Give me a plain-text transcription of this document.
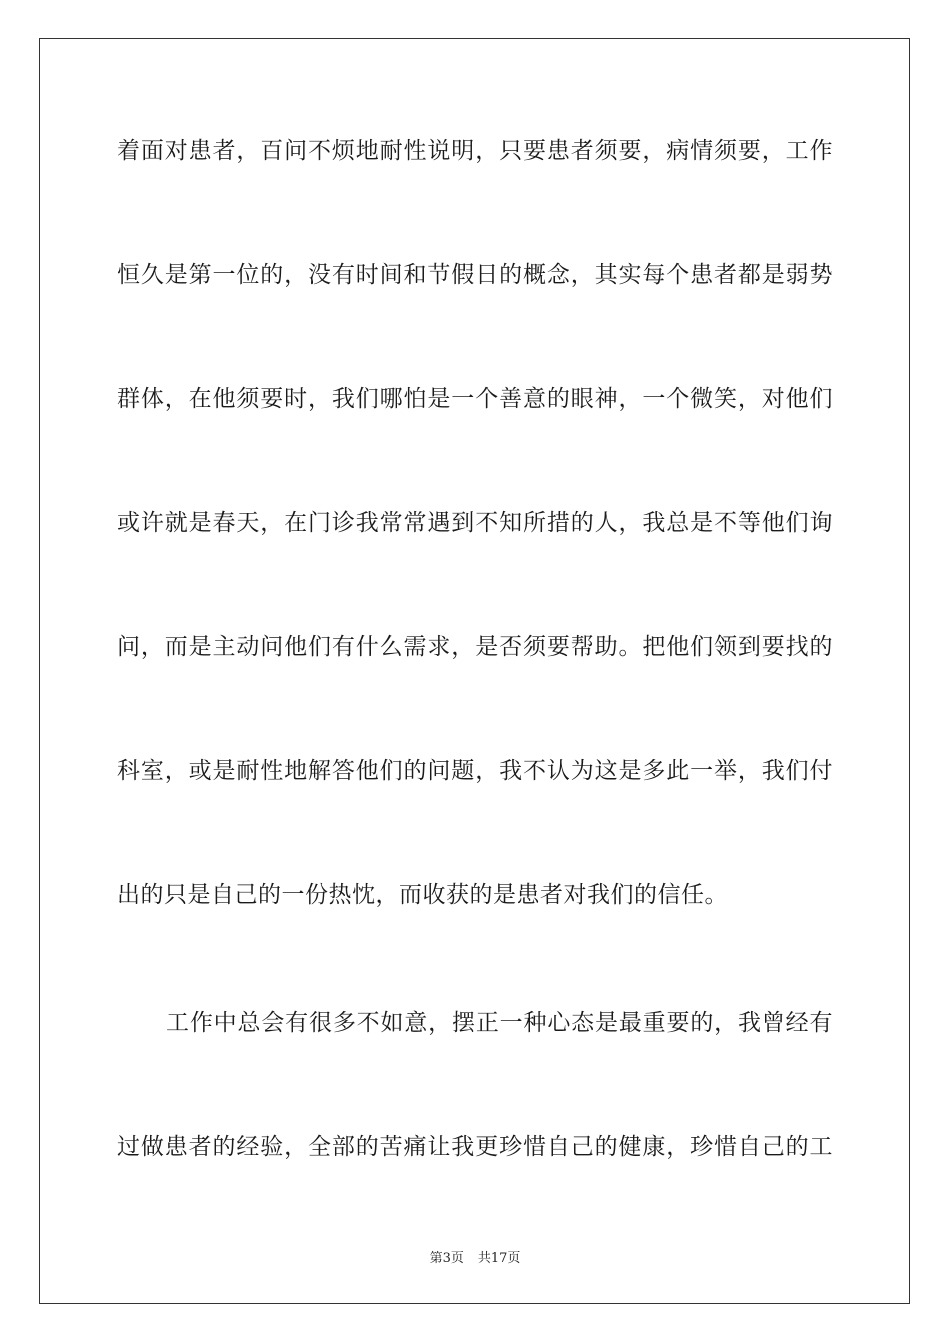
着面对患者，百问不烦地耐性说明，只要患者须要，病情须要，工作
恒久是第一位的，没有时间和节假日的概念，其实每个患者都是弱势
群体，在他须要时，我们哪怕是一个善意的眼神，一个微笑，对他们
或许就是春天，在门诊我常常遇到不知所措的人，我总是不等他们询
问，而是主动问他们有什么需求，是否须要帮助。把他们领到要找的
科室，或是耐性地解答他们的问题，我不认为这是多此一举，我们付
出的只是自己的一份热忱，而收获的是患者对我们的信任。
工作中总会有很多不如意，摆正一种心态是最重要的，我曾经有
过做患者的经验，全部的苦痛让我更珍惜自己的健康，珍惜自己的工
第3页 共17页
